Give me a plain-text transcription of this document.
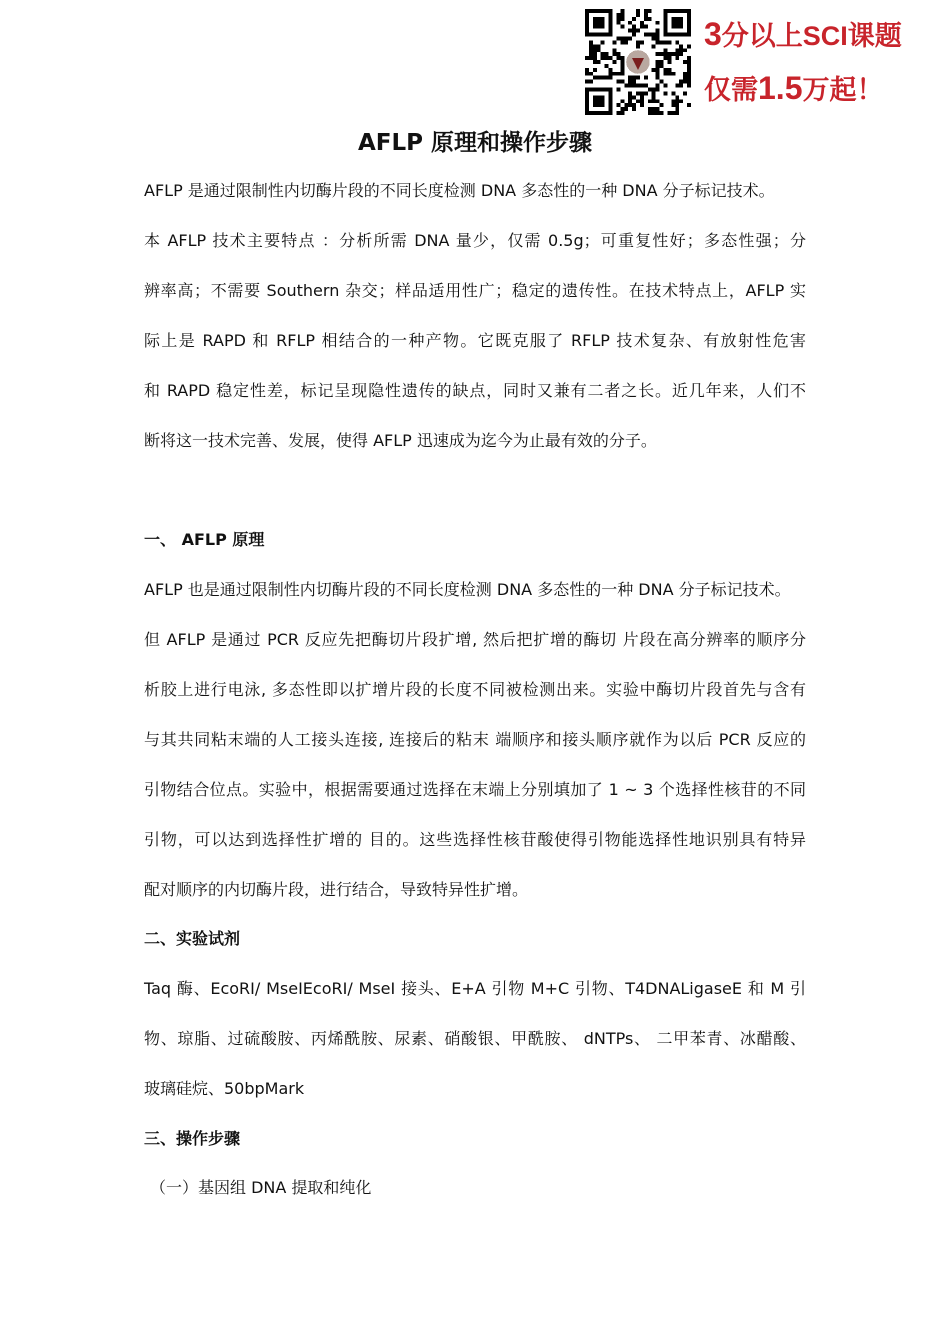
3分以上SCI课题
仅需1.5万起！
AFLP 原理和操作步骤
AFLP 是通过限制性内切酶片段的不同长度检测 DNA 多态性的一种 DNA 分子标记技术。
本 AFLP 技术主要特点 ：分析所需 DNA 量少，仅需 0.5g；可重复性好；多态性强；分
辨率高；不需要 Southern 杂交；样品适用性广；稳定的遗传性。在技术特点上，AFLP 实
际上是 RAPD 和 RFLP 相结合的一种产物。它既克服了 RFLP 技术复杂、有放射性危害
和 RAPD 稳定性差，标记呈现隐性遗传的缺点，同时又兼有二者之长。近几年来，人们不
断将这一技术完善、发展，使得 AFLP 迅速成为迄今为止最有效的分子。
一、 AFLP 原理
AFLP 也是通过限制性内切酶片段的不同长度检测 DNA 多态性的一种 DNA 分子标记技术。
但 AFLP 是通过 PCR 反应先把酶切片段扩增, 然后把扩增的酶切 片段在高分辨率的顺序分
析胶上进行电泳, 多态性即以扩增片段的长度不同被检测出来。实验中酶切片段首先与含有
与其共同粘末端的人工接头连接, 连接后的粘末 端顺序和接头顺序就作为以后 PCR 反应的
引物结合位点。实验中，根据需要通过选择在末端上分别填加了 1 ~ 3 个选择性核苷的不同
引物，可以达到选择性扩增的 目的。这些选择性核苷酸使得引物能选择性地识别具有特异
配对顺序的内切酶片段，进行结合，导致特异性扩增。
二、实验试剂
Taq 酶、EcoRI/ MseIEcoRI/ MseI 接头、E+A 引物 M+C 引物、T4DNALigaseE 和 M 引
物、琼脂、过硫酸胺、丙烯酰胺、尿素、硝酸银、甲酰胺、 dNTPs、 二甲苯青、冰醋酸、
玻璃硅烷、50bpMark
三、操作步骤
（一）基因组 DNA 提取和纯化
